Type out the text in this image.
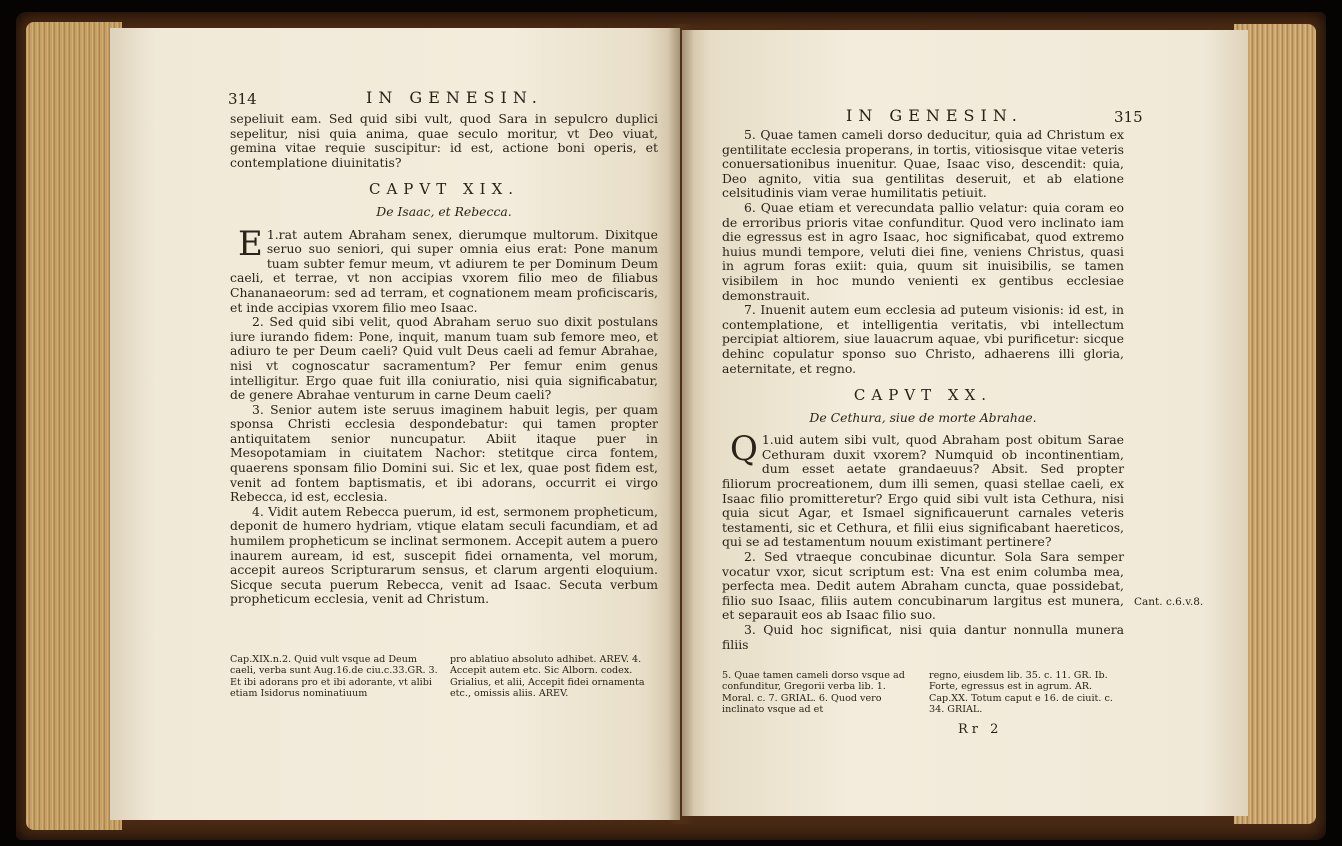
314	IN GENESIN.

sepeliuit eam. Sed quid sibi vult, quod Sara in sepulcro duplici sepelitur, nisi quia anima, quae seculo moritur, vt Deo viuat, gemina vitae requie suscipitur: id est, actione boni operis, et contemplatione diuinitatis?

CAPVT XIX.
De Isaac, et Rebecca.

1.
E rat autem Abraham senex, dierumque multorum. Dixitque seruo suo seniori, qui super omnia eius erat: Pone manum tuam subter femur meum, vt adiurem te per Dominum Deum caeli, et terrae, vt non accipias vxorem filio meo de filiabus Chananaeorum: sed ad terram, et cognationem meam proficiscaris, et inde accipias vxorem filio meo Isaac.

2. Sed quid sibi velit, quod Abraham seruo suo dixit postulans iure iurando fidem: Pone, inquit, manum tuam sub femore meo, et adiuro te per Deum caeli? Quid vult Deus caeli ad femur Abrahae, nisi vt cognoscatur sacramentum? Per femur enim genus intelligitur. Ergo quae fuit illa coniuratio, nisi quia significabatur, de genere Abrahae venturum in carne Deum caeli?

3. Senior autem iste seruus imaginem habuit legis, per quam sponsa Christi ecclesia despondebatur: qui tamen propter antiquitatem senior nuncupatur. Abiit itaque puer in Mesopotamiam in ciuitatem Nachor: stetitque circa fontem, quaerens sponsam filio Domini sui. Sic et lex, quae post fidem est, venit ad fontem baptismatis, et ibi adorans, occurrit ei virgo Rebecca, id est, ecclesia.

4. Vidit autem Rebecca puerum, id est, sermonem propheticum, deponit de humero hydriam, vtique elatam seculi facundiam, et ad humilem propheticum se inclinat sermonem. Accepit autem a puero inaurem auream, id est, suscepit fidei ornamenta, vel morum, accepit aureos Scripturarum sensus, et clarum argenti eloquium. Sicque secuta puerum Rebecca, venit ad Isaac. Secuta verbum propheticum ecclesia, venit ad Christum.

Cap.XIX.n.2. Quid vult vsque ad Deum caeli, verba sunt Aug.16.de ciu.c.33.GR. 3. Et ibi adorans pro et ibi adorante, vt alibi etiam Isidorus nominatiuum

pro ablatiuo absoluto adhibet. AREV. 4. Accepit autem etc. Sic Alborn. codex. Grialius, et alii, Accepit fidei ornamenta etc., omissis aliis. AREV.

IN GENESIN.	315

5. Quae tamen cameli dorso deducitur, quia ad Christum ex gentilitate ecclesia properans, in tortis, vitiosisque vitae veteris conuersationibus inuenitur. Quae, Isaac viso, descendit: quia, Deo agnito, vitia sua gentilitas deseruit, et ab elatione celsitudinis viam verae humilitatis petiuit.

6. Quae etiam et verecundata pallio velatur: quia coram eo de erroribus prioris vitae confunditur. Quod vero inclinato iam die egressus est in agro Isaac, hoc significabat, quod extremo huius mundi tempore, veluti diei fine, veniens Christus, quasi in agrum foras exiit: quia, quum sit inuisibilis, se tamen visibilem in hoc mundo venienti ex gentibus ecclesiae demonstrauit.

7. Inuenit autem eum ecclesia ad puteum visionis: id est, in contemplatione, et intelligentia veritatis, vbi intellectum percipiat altiorem, siue lauacrum aquae, vbi purificetur: sicque dehinc copulatur sponso suo Christo, adhaerens illi gloria, aeternitate, et regno.

CAPVT XX.
De Cethura, siue de morte Abrahae.

1.
Q uid autem sibi vult, quod Abraham post obitum Sarae Cethuram duxit vxorem? Numquid ob incontinentiam, dum esset aetate grandaeuus? Absit. Sed propter filiorum procreationem, dum illi semen, quasi stellae caeli, ex Isaac filio promitteretur? Ergo quid sibi vult ista Cethura, nisi quia sicut Agar, et Ismael significauerunt carnales veteris testamenti, sic et Cethura, et filii eius significabant haereticos, qui se ad testamentum nouum existimant pertinere?

2. Sed vtraeque concubinae dicuntur. Sola Sara semper vocatur vxor, sicut scriptum est: Vna est enim columba mea, perfecta mea. Dedit autem Abraham cuncta, quae possidebat, filio suo Isaac, filiis autem concubinarum largitus est munera, et separauit eos ab Isaac filio suo.

3. Quid hoc significat, nisi quia dantur nonnulla munera filiis

Cant. c.6.v.8.

5. Quae tamen cameli dorso vsque ad confunditur, Gregorii verba lib. 1. Moral. c. 7. GRIAL. 6. Quod vero inclinato vsque ad et

regno, eiusdem lib. 35. c. 11. GR. Ib. Forte, egressus est in agrum. AR. Cap.XX. Totum caput e 16. de ciuit. c. 34. GRIAL.

Rr 2
